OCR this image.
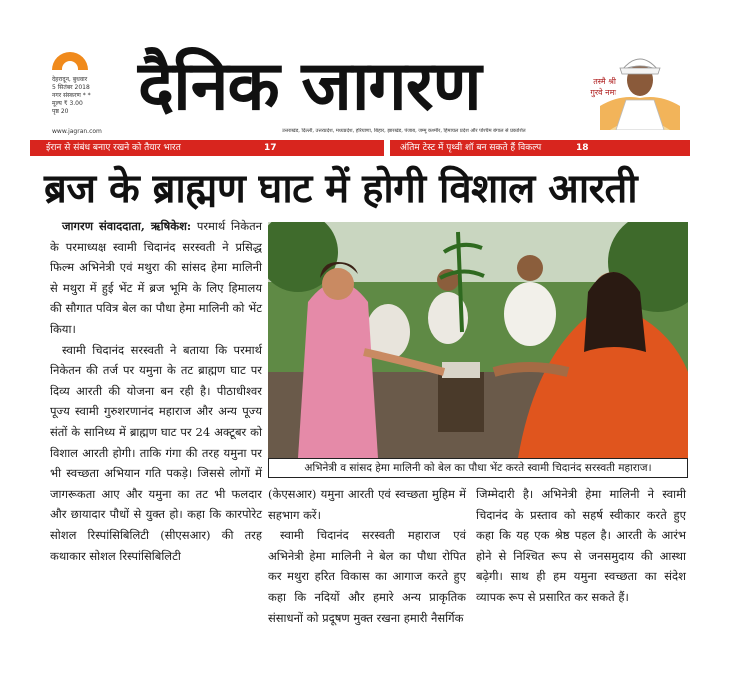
देहरादून, बुधवार
5 सितंबर 2018
नगर संस्करण * *
मूल्य ₹ 3.00
पृष्ठ 20	दैनिक जागरण	तस्मै श्री
गुरवे नमः
www.jagran.com	उत्तराखंड, दिल्ली, उत्तरप्रदेश, मध्यप्रदेश, हरियाणा, बिहार, झारखंड, पंजाब, जम्मू कश्मीर, हिमाचल प्रदेश और पश्चिम बंगाल से प्रकाशित
ईरान से संबंध बनाए रखने को तैयार भारत	17	अंतिम टेस्ट में पृथ्वी शॉ बन सकते हैं विकल्प	18
ब्रज के ब्राह्मण घाट में होगी विशाल आरती

जागरण संवाददाता, ऋषिकेश: परमार्थ निकेतन के परमाध्यक्ष स्वामी चिदानंद सरस्वती ने प्रसिद्ध फिल्म अभिनेत्री एवं मथुरा की सांसद हेमा मालिनी से मथुरा में हुई भेंट में ब्रज भूमि के लिए हिमालय की सौगात पवित्र बेल का पौधा हेमा मालिनी को भेंट किया।

स्वामी चिदानंद सरस्वती ने बताया कि परमार्थ निकेतन की तर्ज पर यमुना के तट ब्राह्मण घाट पर दिव्य आरती की योजना बन रही है। पीठाधीश्वर पूज्य स्वामी गुरुशरणानंद महाराज और अन्य पूज्य संतों के सानिध्य में ब्राह्मण घाट पर 24 अक्टूबर को विशाल आरती होगी। ताकि गंगा की तरह यमुना पर भी स्वच्छता अभियान गति पकड़े। जिससे लोगों में जागरूकता आए और यमुना का तट भी फलदार और छायादार पौधों से युक्त हो। कहा कि कारपोरेट सोशल रिस्पांसिबिलिटी (सीएसआर) की तरह कथाकार सोशल रिस्पांसिबिलिटी

अभिनेत्री व सांसद हेमा मालिनी को बेल का पौधा भेंट करते स्वामी चिदानंद सरस्वती महाराज।

(केएसआर) यमुना आरती एवं स्वच्छता मुहिम में सहभाग करें।

स्वामी चिदानंद सरस्वती महाराज एवं अभिनेत्री हेमा मालिनी ने बेल का पौधा रोपित कर मथुरा हरित विकास का आगाज करते हुए कहा कि नदियों और हमारे अन्य प्राकृतिक संसाधनों को प्रदूषण मुक्त रखना हमारी नैसर्गिक

जिम्मेदारी है। अभिनेत्री हेमा मालिनी ने स्वामी चिदानंद के प्रस्ताव को सहर्ष स्वीकार करते हुए कहा कि यह एक श्रेष्ठ पहल है। आरती के आरंभ होने से निश्चित रूप से जनसमुदाय की आस्था बढ़ेगी। साथ ही हम यमुना स्वच्छता का संदेश व्यापक रूप से प्रसारित कर सकते हैं।
